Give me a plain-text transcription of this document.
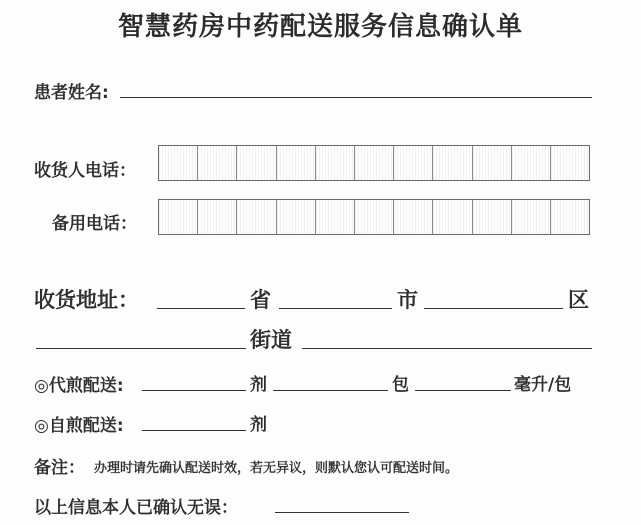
智慧药房中药配送服务信息确认单
患者姓名:
收货人电话：
备用电话：
收货地址：	省	市	区
街道
◎代煎配送:	剂	包	毫升/包
◎自煎配送:	剂
备注： 办理时请先确认配送时效，若无异议，则默认您认可配送时间。
以上信息本人已确认无误：
